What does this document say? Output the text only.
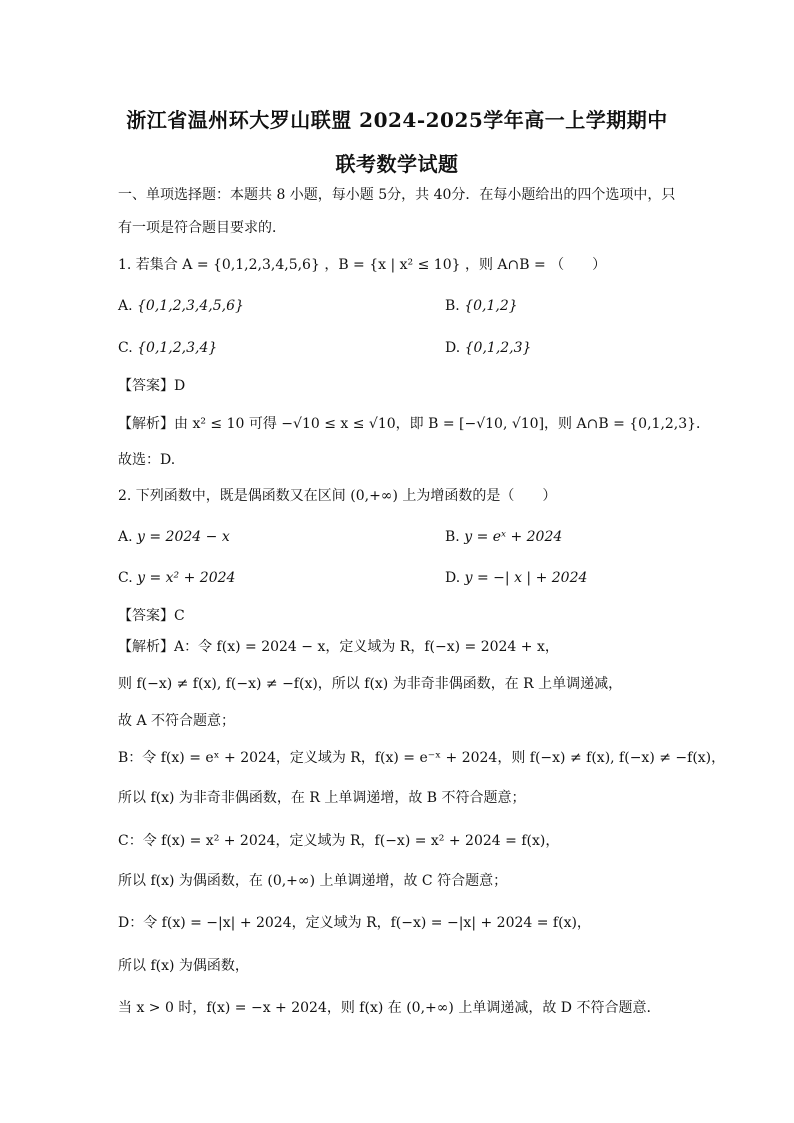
浙江省温州环大罗山联盟 2024-2025学年高一上学期期中
联考数学试题
一、单项选择题：本题共 8 小题，每小题 5分，共 40分．在每小题给出的四个选项中，只
有一项是符合题目要求的．
1. 若集合 A = {0,1,2,3,4,5,6} ，B = {x | x² ≤ 10} ，则 A∩B = （　　）
A. {0,1,2,3,4,5,6}	B. {0,1,2}
C. {0,1,2,3,4}	D. {0,1,2,3}
【答案】D
【解析】由 x² ≤ 10 可得 −√10 ≤ x ≤ √10，即 B = [−√10, √10]，则 A∩B = {0,1,2,3}．
故选：D.
2. 下列函数中，既是偶函数又在区间 (0,+∞) 上为增函数的是（　　）
A. y = 2024 − x	B. y = eˣ + 2024
C. y = x² + 2024	D. y = −| x | + 2024
【答案】C
【解析】A：令 f(x) = 2024 − x，定义域为 R，f(−x) = 2024 + x，
则 f(−x) ≠ f(x), f(−x) ≠ −f(x)，所以 f(x) 为非奇非偶函数，在 R 上单调递减，
故 A 不符合题意；
B：令 f(x) = eˣ + 2024，定义域为 R，f(x) = e⁻ˣ + 2024，则 f(−x) ≠ f(x), f(−x) ≠ −f(x)，
所以 f(x) 为非奇非偶函数，在 R 上单调递增，故 B 不符合题意；
C：令 f(x) = x² + 2024，定义域为 R，f(−x) = x² + 2024 = f(x)，
所以 f(x) 为偶函数，在 (0,+∞) 上单调递增，故 C 符合题意；
D：令 f(x) = −|x| + 2024，定义域为 R，f(−x) = −|x| + 2024 = f(x)，
所以 f(x) 为偶函数，
当 x > 0 时，f(x) = −x + 2024，则 f(x) 在 (0,+∞) 上单调递减，故 D 不符合题意.
